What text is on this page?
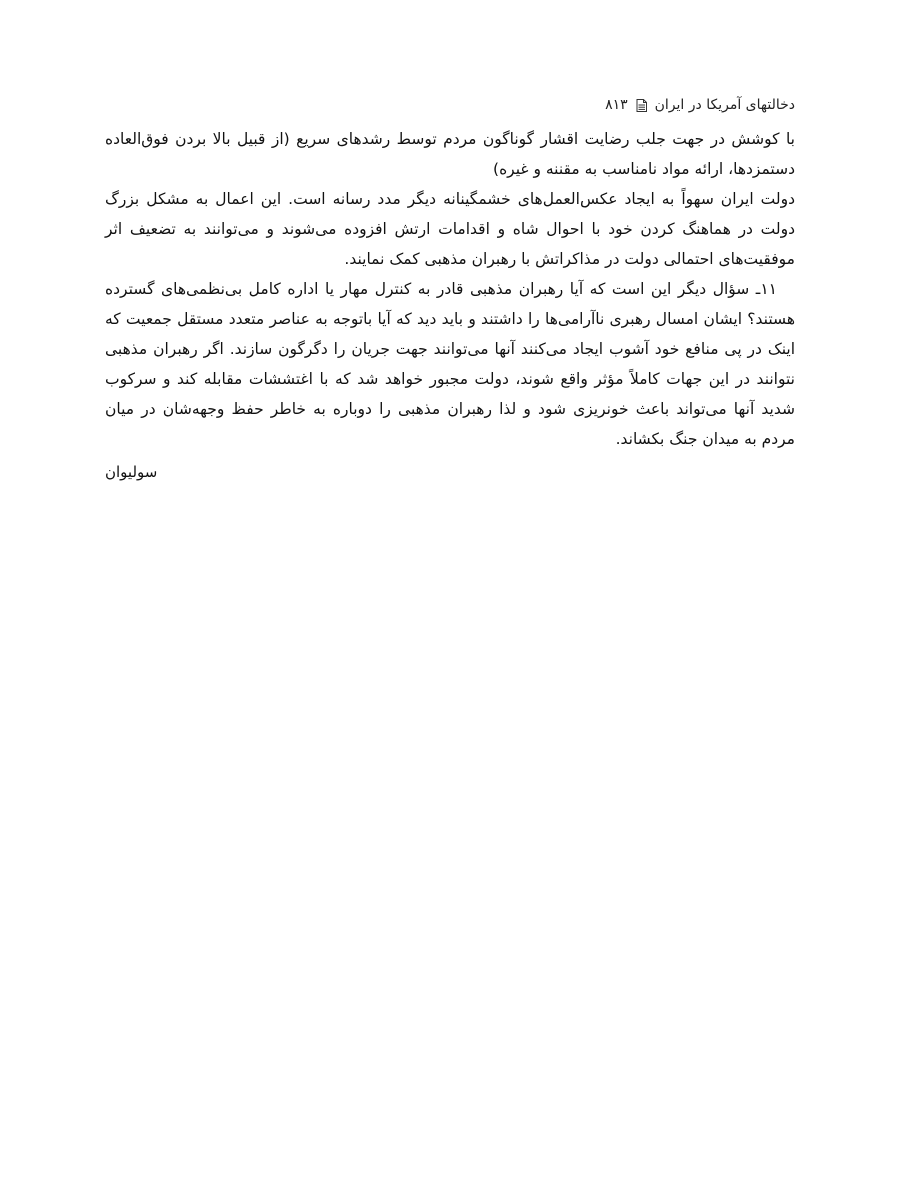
دخالتهای آمریکا در ایران
۸۱۳

با کوشش در جهت جلب رضایت اقشار گوناگون مردم توسط رشدهای سریع (از قبیل بالا بردن فوق‌العاده دستمزدها، ارائه مواد نامناسب به مقننه و غیره)

دولت ایران سهواً به ایجاد عکس‌العمل‌های خشمگینانه دیگر مدد رسانه است. این اعمال به مشکل بزرگ دولت در هماهنگ کردن خود با احوال شاه و اقدامات ارتش افزوده می‌شوند و می‌توانند به تضعیف اثر موفقیت‌های احتمالی دولت در مذاکراتش با رهبران مذهبی کمک نمایند.

۱۱ـ سؤال دیگر این است که آیا رهبران مذهبی قادر به کنترل مهار یا اداره کامل بی‌نظمی‌های گسترده هستند؟ ایشان امسال رهبری ناآرامی‌ها را داشتند و باید دید که آیا باتوجه به عناصر متعدد مستقل جمعیت که اینک در پی منافع خود آشوب ایجاد می‌کنند آنها می‌توانند جهت جریان را دگرگون سازند. اگر رهبران مذهبی نتوانند در این جهات کاملاً مؤثر واقع شوند، دولت مجبور خواهد شد که با اغتششات مقابله کند و سرکوب شدید آنها می‌تواند باعث خونریزی شود و لذا رهبران مذهبی را دوباره به خاطر حفظ وجهه‌شان در میان مردم به میدان جنگ بکشاند.

سولیوان
